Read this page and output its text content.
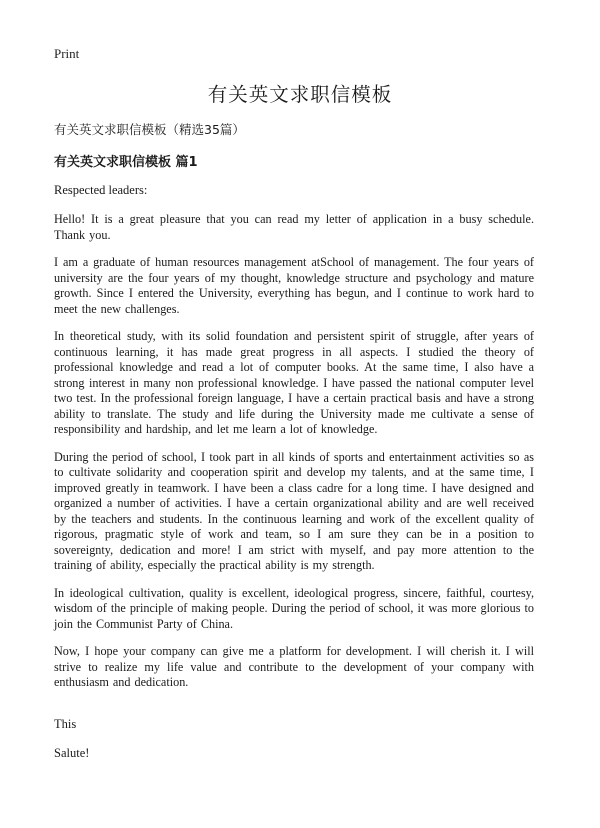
Print
有关英文求职信模板

有关英文求职信模板（精选35篇）

有关英文求职信模板 篇1

Respected leaders:

Hello! It is a great pleasure that you can read my letter of application in a busy schedule. Thank you.

I am a graduate of human resources management atSchool of management. The four years of university are the four years of my thought, knowledge structure and psychology and mature growth. Since I entered the University, everything has begun, and I continue to work hard to meet the new challenges.

In theoretical study, with its solid foundation and persistent spirit of struggle, after years of continuous learning, it has made great progress in all aspects. I studied the theory of professional knowledge and read a lot of computer books. At the same time, I also have a strong interest in many non professional knowledge. I have passed the national computer level two test. In the professional foreign language, I have a certain practical basis and have a strong ability to translate. The study and life during the University made me cultivate a sense of responsibility and hardship, and let me learn a lot of knowledge.

During the period of school, I took part in all kinds of sports and entertainment activities so as to cultivate solidarity and cooperation spirit and develop my talents, and at the same time, I improved greatly in teamwork. I have been a class cadre for a long time. I have designed and organized a number of activities. I have a certain organizational ability and are well received by the teachers and students. In the continuous learning and work of the excellent quality of rigorous, pragmatic style of work and team, so I am sure they can be in a position to sovereignty, dedication and more! I am strict with myself, and pay more attention to the training of ability, especially the practical ability is my strength.

In ideological cultivation, quality is excellent, ideological progress, sincere, faithful, courtesy, wisdom of the principle of making people. During the period of school, it was more glorious to join the Communist Party of China.

Now, I hope your company can give me a platform for development. I will cherish it. I will strive to realize my life value and contribute to the development of your company with enthusiasm and dedication.

This

Salute!
